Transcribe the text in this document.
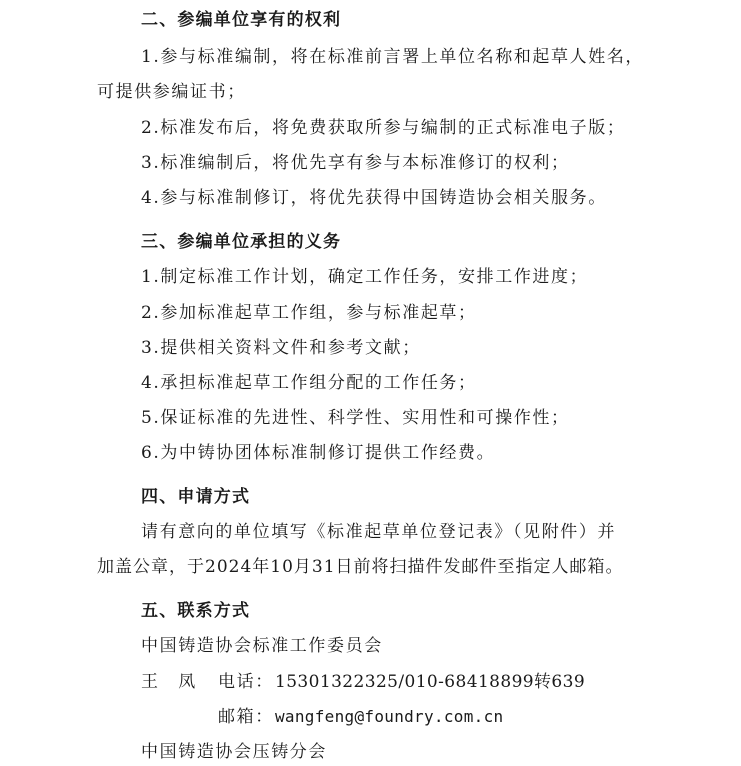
二、参编单位享有的权利
1.参与标准编制，将在标准前言署上单位名称和起草人姓名，
可提供参编证书；
2.标准发布后，将免费获取所参与编制的正式标准电子版；
3.标准编制后，将优先享有参与本标准修订的权利；
4.参与标准制修订，将优先获得中国铸造协会相关服务。
三、参编单位承担的义务
1.制定标准工作计划，确定工作任务，安排工作进度；
2.参加标准起草工作组，参与标准起草；
3.提供相关资料文件和参考文献；
4.承担标准起草工作组分配的工作任务；
5.保证标准的先进性、科学性、实用性和可操作性；
6.为中铸协团体标准制修订提供工作经费。
四、申请方式
请有意向的单位填写《标准起草单位登记表》（见附件）并
加盖公章，于2024年10月31日前将扫描件发邮件至指定人邮箱。
五、联系方式
中国铸造协会标准工作委员会
王　凤 电话： 15301322325/010-68418899转639
邮箱： wangfeng@foundry.com.cn
中国铸造协会压铸分会
